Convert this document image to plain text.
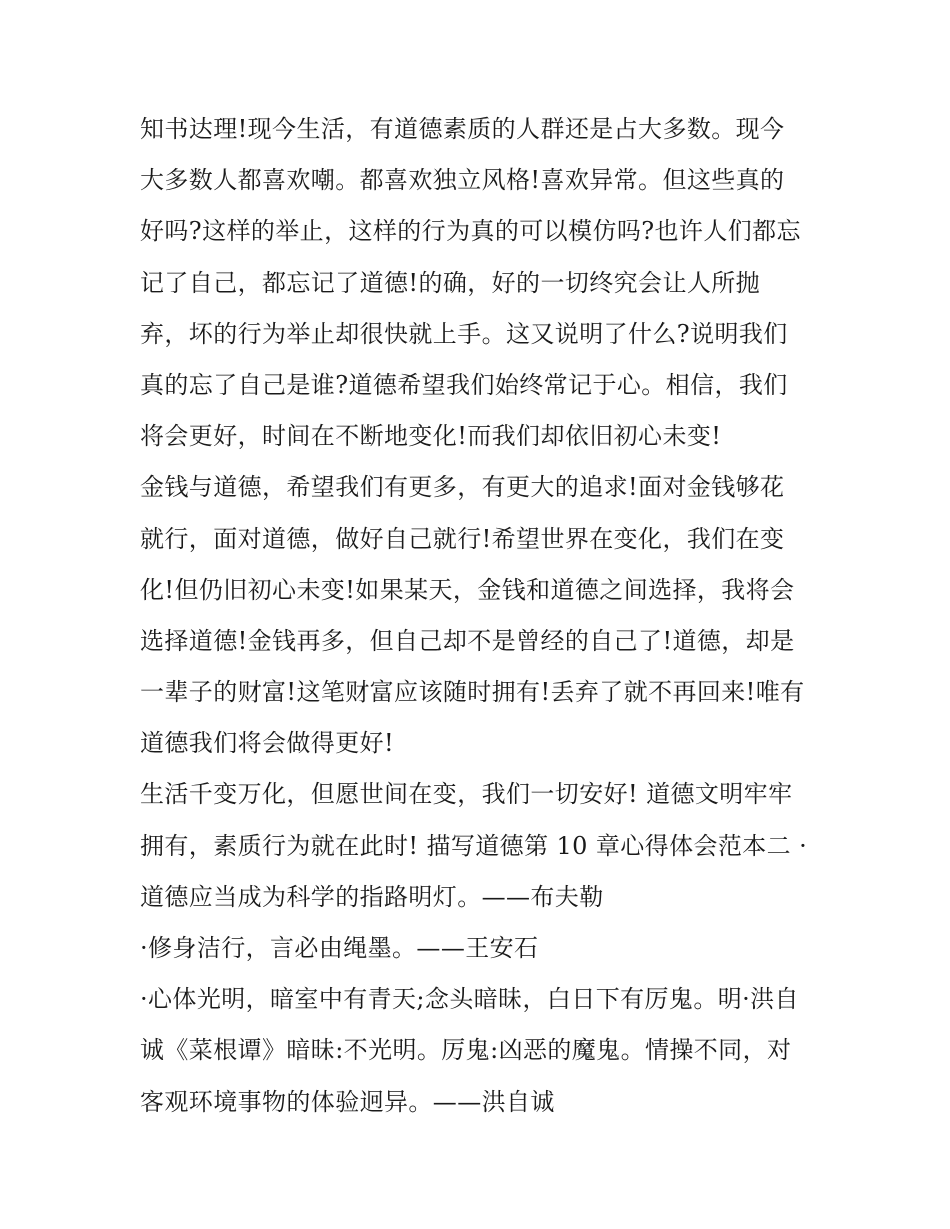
知书达理!现今生活，有道德素质的人群还是占大多数。现今
大多数人都喜欢嘲。都喜欢独立风格!喜欢异常。但这些真的
好吗?这样的举止，这样的行为真的可以模仿吗?也许人们都忘
记了自己，都忘记了道德!的确，好的一切终究会让人所抛
弃，坏的行为举止却很快就上手。这又说明了什么?说明我们
真的忘了自己是谁?道德希望我们始终常记于心。相信，我们
将会更好，时间在不断地变化!而我们却依旧初心未变!
金钱与道德，希望我们有更多，有更大的追求!面对金钱够花
就行，面对道德，做好自己就行!希望世界在变化，我们在变
化!但仍旧初心未变!如果某天，金钱和道德之间选择，我将会
选择道德!金钱再多，但自己却不是曾经的自己了!道德，却是
一辈子的财富!这笔财富应该随时拥有!丢弃了就不再回来!唯有
道德我们将会做得更好!
生活千变万化，但愿世间在变，我们一切安好! 道德文明牢牢
拥有，素质行为就在此时! 描写道德第 10 章心得体会范本二 ·
道德应当成为科学的指路明灯。——布夫勒
·修身洁行，言必由绳墨。——王安石
·心体光明，暗室中有青天;念头暗昧，白日下有厉鬼。明·洪自
诚《菜根谭》暗昧:不光明。厉鬼:凶恶的魔鬼。情操不同，对
客观环境事物的体验迥异。——洪自诚
